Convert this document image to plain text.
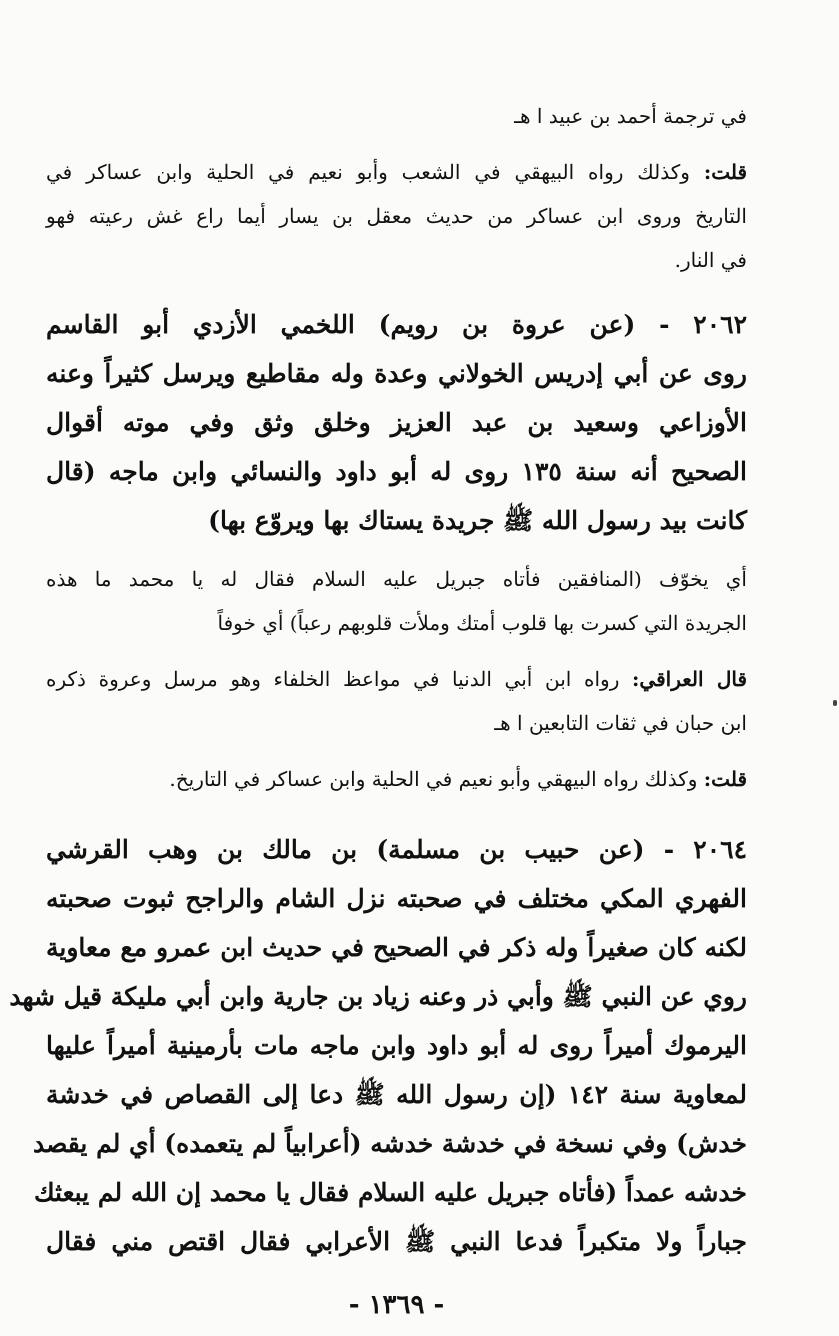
في ترجمة أحمد بن عبيد ا هـ
قلت: وكذلك رواه البيهقي في الشعب وأبو نعيم في الحلية وابن عساكر في
التاريخ وروى ابن عساكر من حديث معقل بن يسار أيما راع غش رعيته فهو
في النار.
٢٠٦٢ - (عن عروة بن رويم) اللخمي الأزدي أبو القاسم
روى عن أبي إدريس الخولاني وعدة وله مقاطيع ويرسل كثيراً وعنه
الأوزاعي وسعيد بن عبد العزيز وخلق وثق وفي موته أقوال
الصحيح أنه سنة ١٣٥ روى له أبو داود والنسائي وابن ماجه (قال
كانت بيد رسول الله ﷺ جريدة يستاك بها ويروّع بها)
أي يخوّف (المنافقين فأتاه جبريل عليه السلام فقال له يا محمد ما هذه
الجريدة التي كسرت بها قلوب أمتك وملأت قلوبهم رعباً) أي خوفاً
قال العراقي: رواه ابن أبي الدنيا في مواعظ الخلفاء وهو مرسل وعروة ذكره
ابن حبان في ثقات التابعين ا هـ
قلت: وكذلك رواه البيهقي وأبو نعيم في الحلية وابن عساكر في التاريخ.
٢٠٦٤ - (عن حبيب بن مسلمة) بن مالك بن وهب القرشي
الفهري المكي مختلف في صحبته نزل الشام والراجح ثبوت صحبته
لكنه كان صغيراً وله ذكر في الصحيح في حديث ابن عمرو مع معاوية
روي عن النبي ﷺ وأبي ذر وعنه زياد بن جارية وابن أبي مليكة قيل شهد
اليرموك أميراً روى له أبو داود وابن ماجه مات بأرمينية أميراً عليها
لمعاوية سنة ١٤٢ (إن رسول الله ﷺ دعا إلى القصاص في خدشة
خدش) وفي نسخة في خدشة خدشه (أعرابياً لم يتعمده) أي لم يقصد
خدشه عمداً (فأتاه جبريل عليه السلام فقال يا محمد إن الله لم يبعثك
جباراً ولا متكبراً فدعا النبي ﷺ الأعرابي فقال اقتص مني فقال
- ١٣٦٩ -
